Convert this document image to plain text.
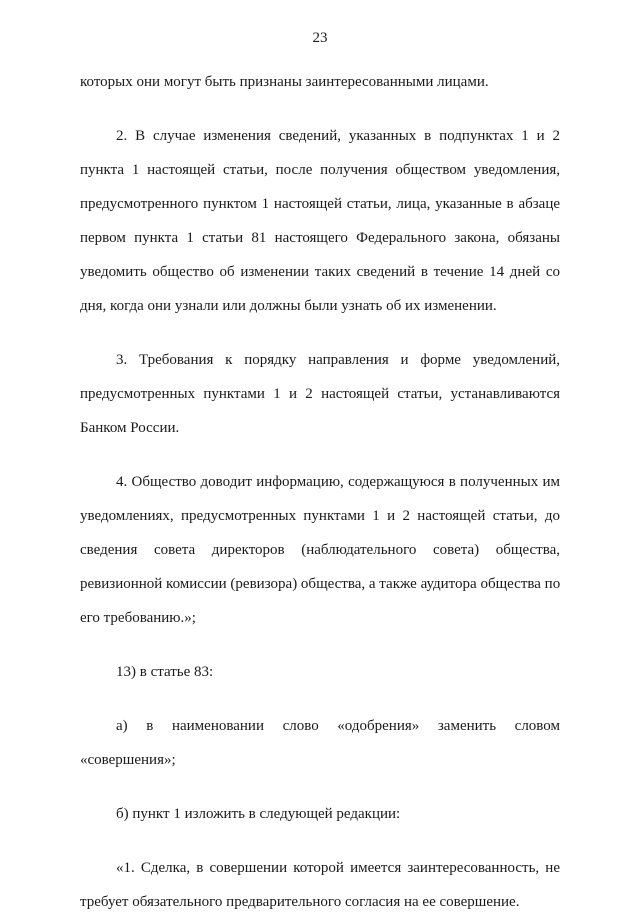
23

которых они могут быть признаны заинтересованными лицами.

2. В случае изменения сведений, указанных в подпунктах 1 и 2
пункта 1 настоящей статьи, после получения обществом уведомления,
предусмотренного пунктом 1 настоящей статьи, лица, указанные в абзаце
первом пункта 1 статьи 81 настоящего Федерального закона, обязаны
уведомить общество об изменении таких сведений в течение 14 дней со
дня, когда они узнали или должны были узнать об их изменении.

3. Требования к порядку направления и форме уведомлений,
предусмотренных пунктами 1 и 2 настоящей статьи, устанавливаются
Банком России.

4. Общество доводит информацию, содержащуюся в полученных им
уведомлениях, предусмотренных пунктами 1 и 2 настоящей статьи, до
сведения совета директоров (наблюдательного совета) общества,
ревизионной комиссии (ревизора) общества, а также аудитора общества по
его требованию.»;

13) в статье 83:

а) в наименовании слово «одобрения» заменить словом
«совершения»;

б) пункт 1 изложить в следующей редакции:

«1. Сделка, в совершении которой имеется заинтересованность, не
требует обязательного предварительного согласия на ее совершение.
